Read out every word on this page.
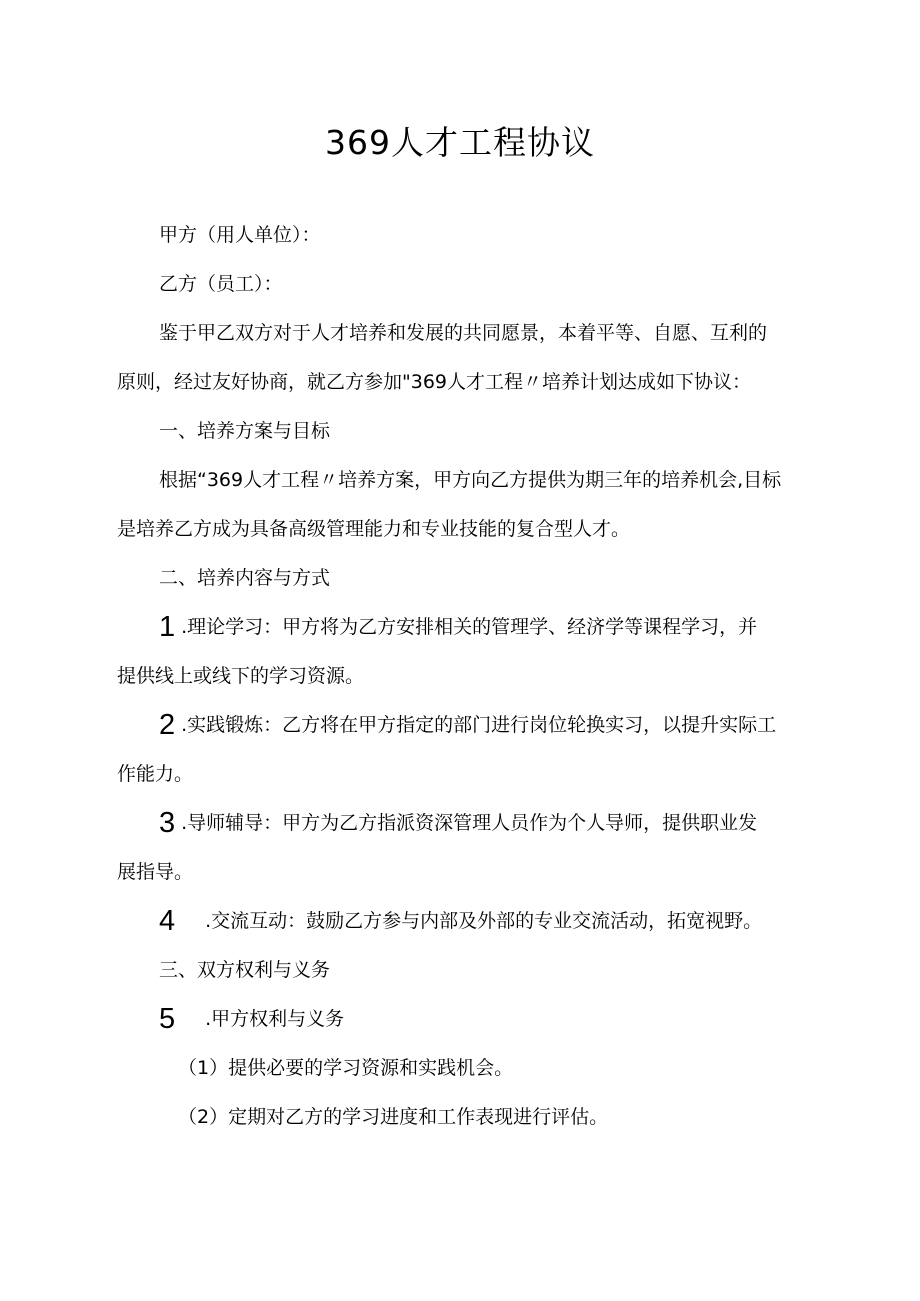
369人才工程协议

甲方（用人单位）：

乙方（员工）：

鉴于甲乙双方对于人才培养和发展的共同愿景，本着平等、自愿、互利的

原则，经过友好协商，就乙方参加"369人才工程〃培养计划达成如下协议：

一、培养方案与目标

根据“369人才工程〃培养方案，甲方向乙方提供为期三年的培养机会,目标

是培养乙方成为具备高级管理能力和专业技能的复合型人才。

二、培养内容与方式

1 .理论学习：甲方将为乙方安排相关的管理学、经济学等课程学习，并

提供线上或线下的学习资源。

2 .实践锻炼：乙方将在甲方指定的部门进行岗位轮换实习，以提升实际工

作能力。

3 .导师辅导：甲方为乙方指派资深管理人员作为个人导师，提供职业发

展指导。

4 .交流互动：鼓励乙方参与内部及外部的专业交流活动，拓宽视野。

三、双方权利与义务

5 .甲方权利与义务

（1）提供必要的学习资源和实践机会。

（2）定期对乙方的学习进度和工作表现进行评估。
